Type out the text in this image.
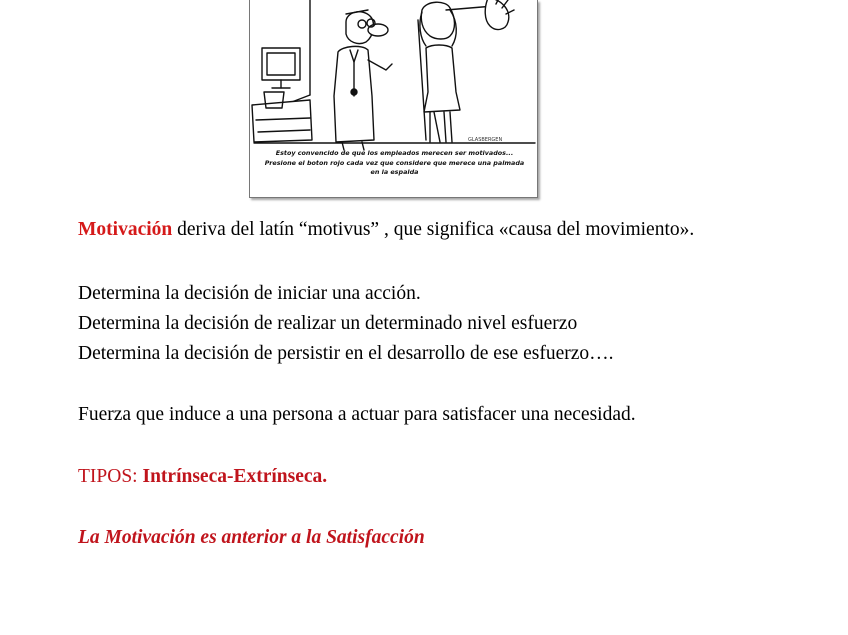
GLASBERGEN
Estoy convencido de que los empleados merecen ser motivados...
Presione el boton rojo cada vez que considere que merece una palmada
en la espalda
Motivación deriva del latín “motivus” , que significa «causa del movimiento».
Determina la decisión de iniciar una acción.
Determina la decisión de realizar un determinado nivel esfuerzo
Determina la decisión de persistir en el desarrollo de ese esfuerzo….
Fuerza que induce a una persona a actuar para satisfacer una necesidad.
TIPOS: Intrínseca-Extrínseca.
La Motivación es anterior a la Satisfacción
